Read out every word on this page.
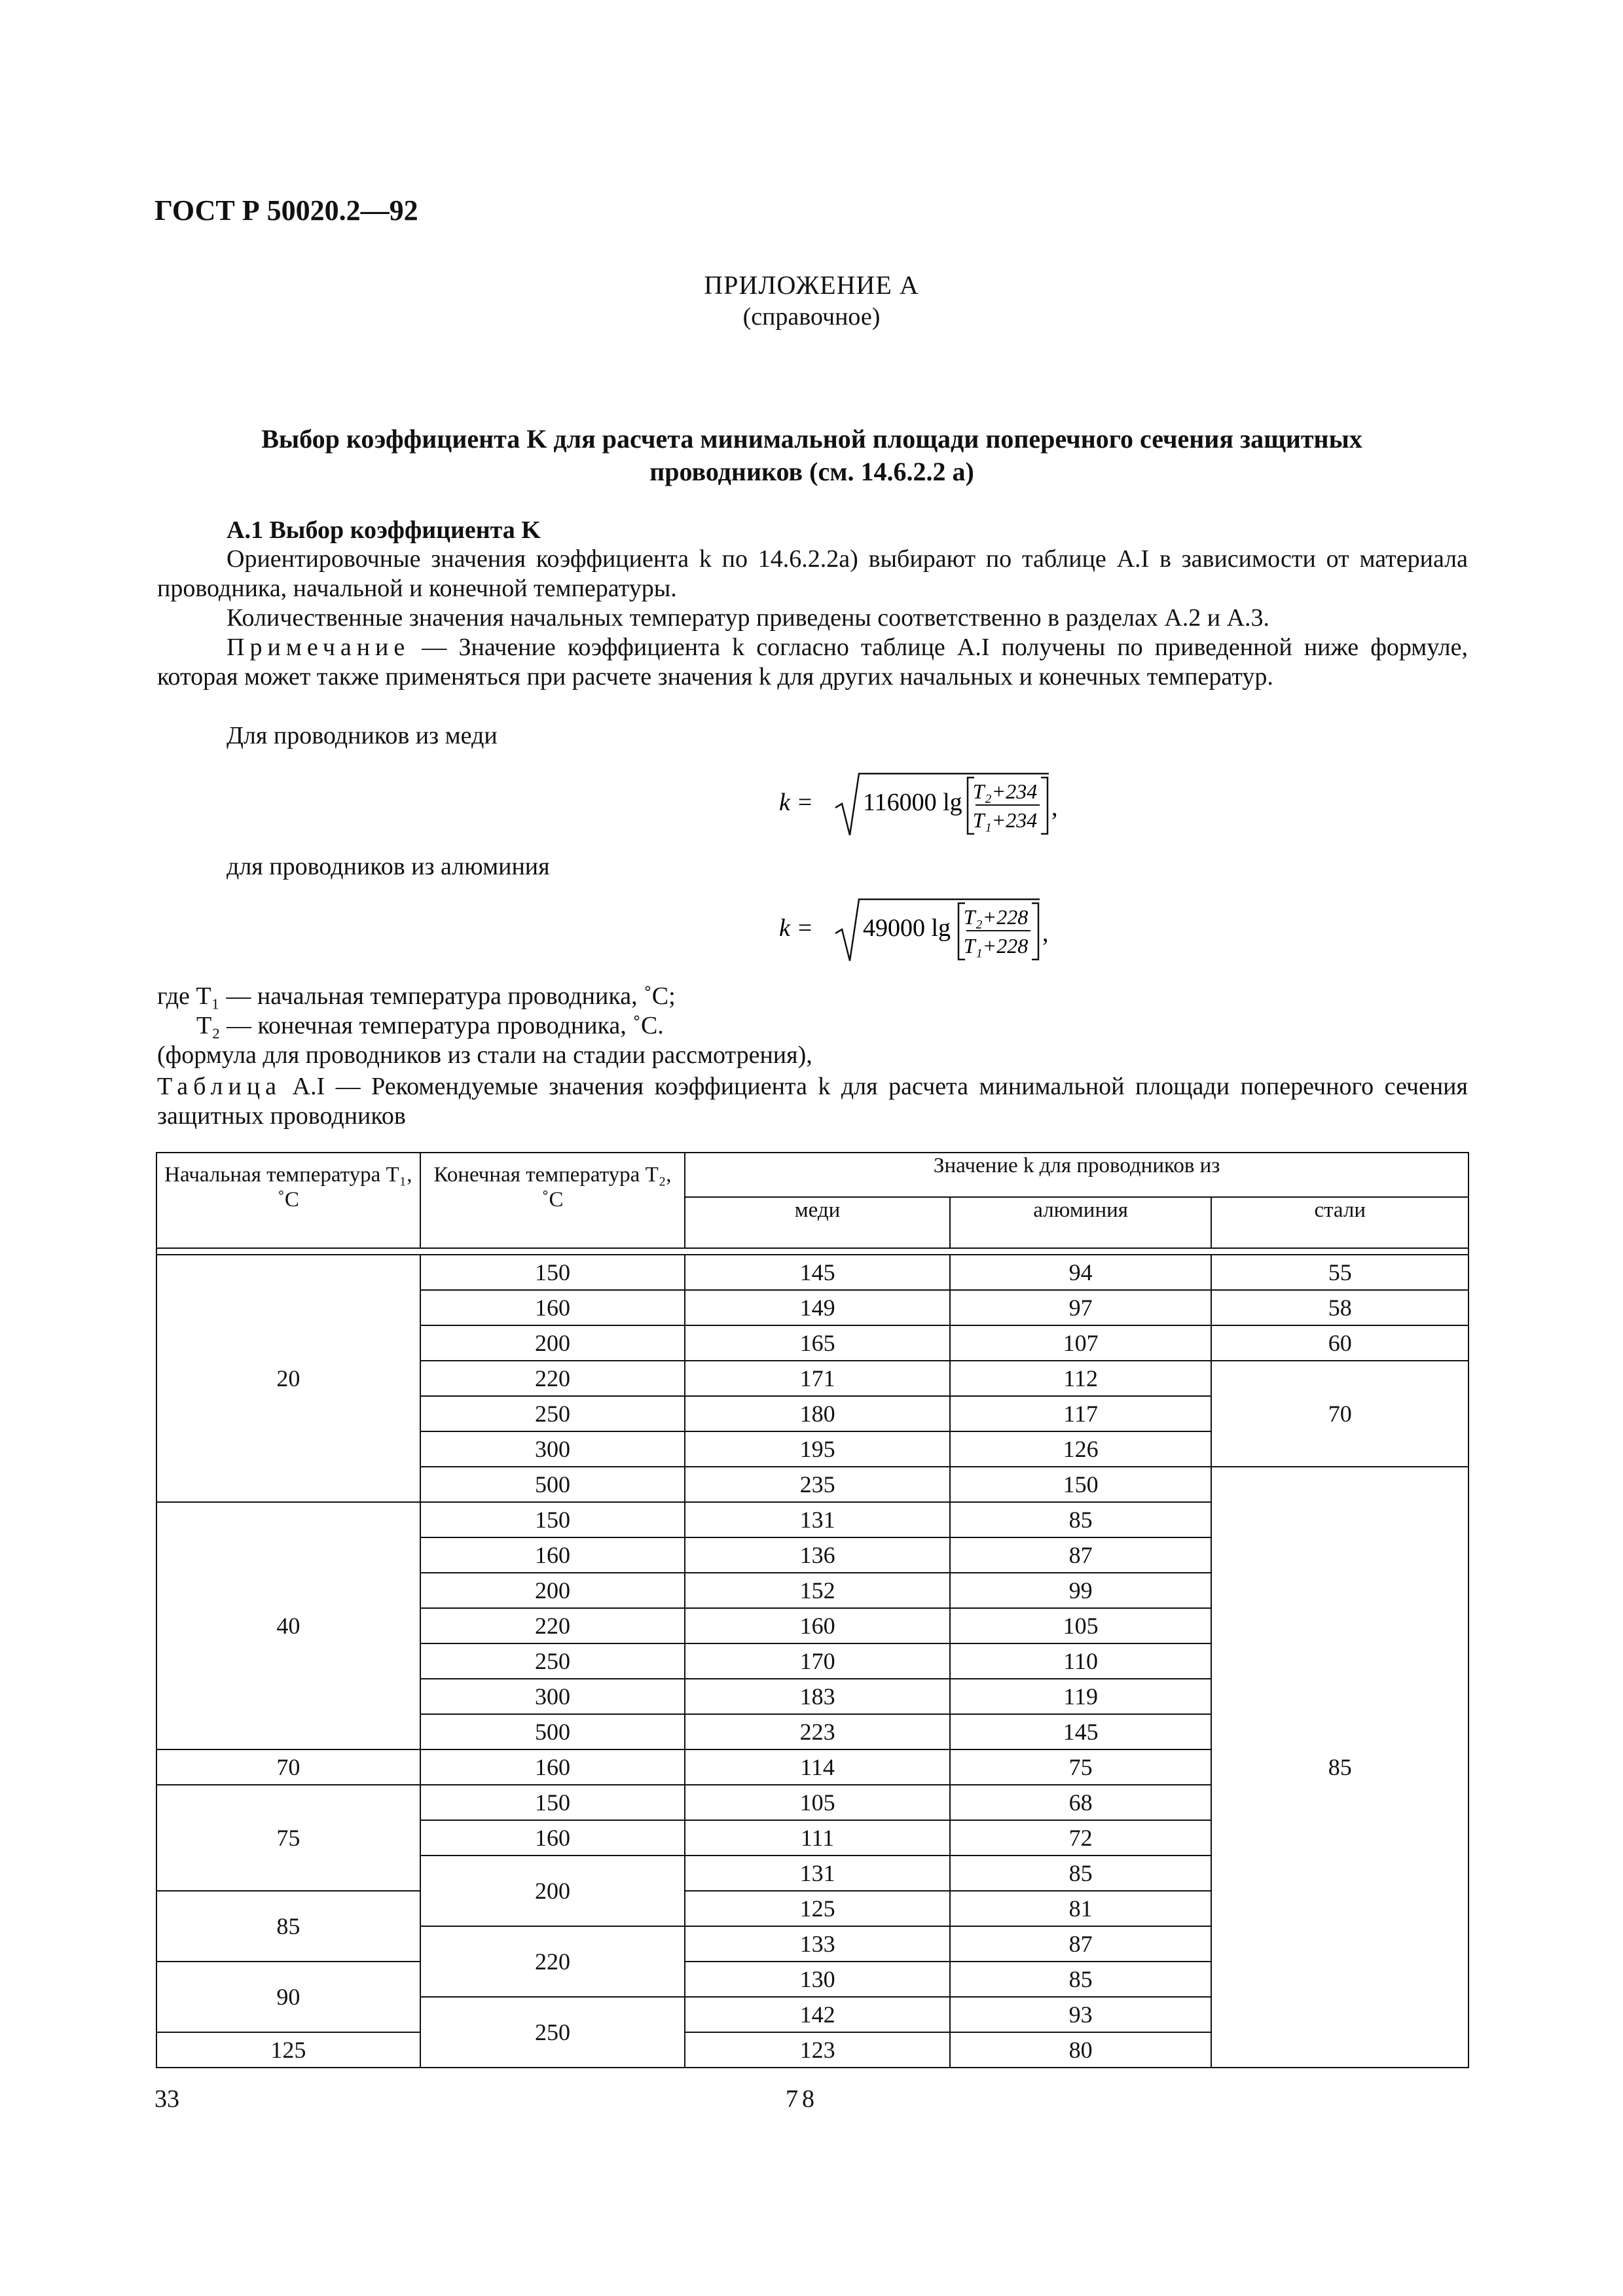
ГОСТ Р 50020.2—92
ПРИЛОЖЕНИЕ А
(справочное)
Выбор коэффициента K для расчета минимальной площади поперечного сечения защитных
проводников (см. 14.6.2.2 а)
А.1 Выбор коэффициента K
Ориентировочные значения коэффициента k по 14.6.2.2а) выбирают по таблице А.I в зависимости от материала проводника, начальной и конечной температуры.
Количественные значения начальных температур приведены соответственно в разделах А.2 и А.3.
Примечание — Значение коэффициента k согласно таблице А.I получены по приведенной ниже формуле, которая может также применяться при расчете значения k для других начальных и конечных температур.
Для проводников из меди
k = 116000 lg T₂+234
T₁+234 ,
для проводников из алюминия
k = 49000 lg T₂+228
T₁+228 ,
где T₁ — начальная температура проводника, ˚С;
T₂ — конечная температура проводника, ˚С.
(формула для проводников из стали на стадии рассмотрения),
Таблица А.I — Рекомендуемые значения коэффициента k для расчета минимальной площади поперечного сечения защитных проводников
Начальная температура T₁, ˚С	Конечная температура T₂, ˚С	Значение k для проводников из		
		меди	алюминия	стали

20	150	145	94	55
	160	149	97	58
	200	165	107	60
	220	171	112	70
	250	180	117	
	300	195	126	
	500	235	150	85
40	150	131	85	
	160	136	87	
	200	152	99	
	220	160	105	
	250	170	110	
	300	183	119	
	500	223	145	
70	160	114	75	
75	150	105	68	
	160	111	72	
	200	131	85	
85		125	81	
	220	133	87	
90		130	85	
	250	142	93	
125		123	80	
33	78
